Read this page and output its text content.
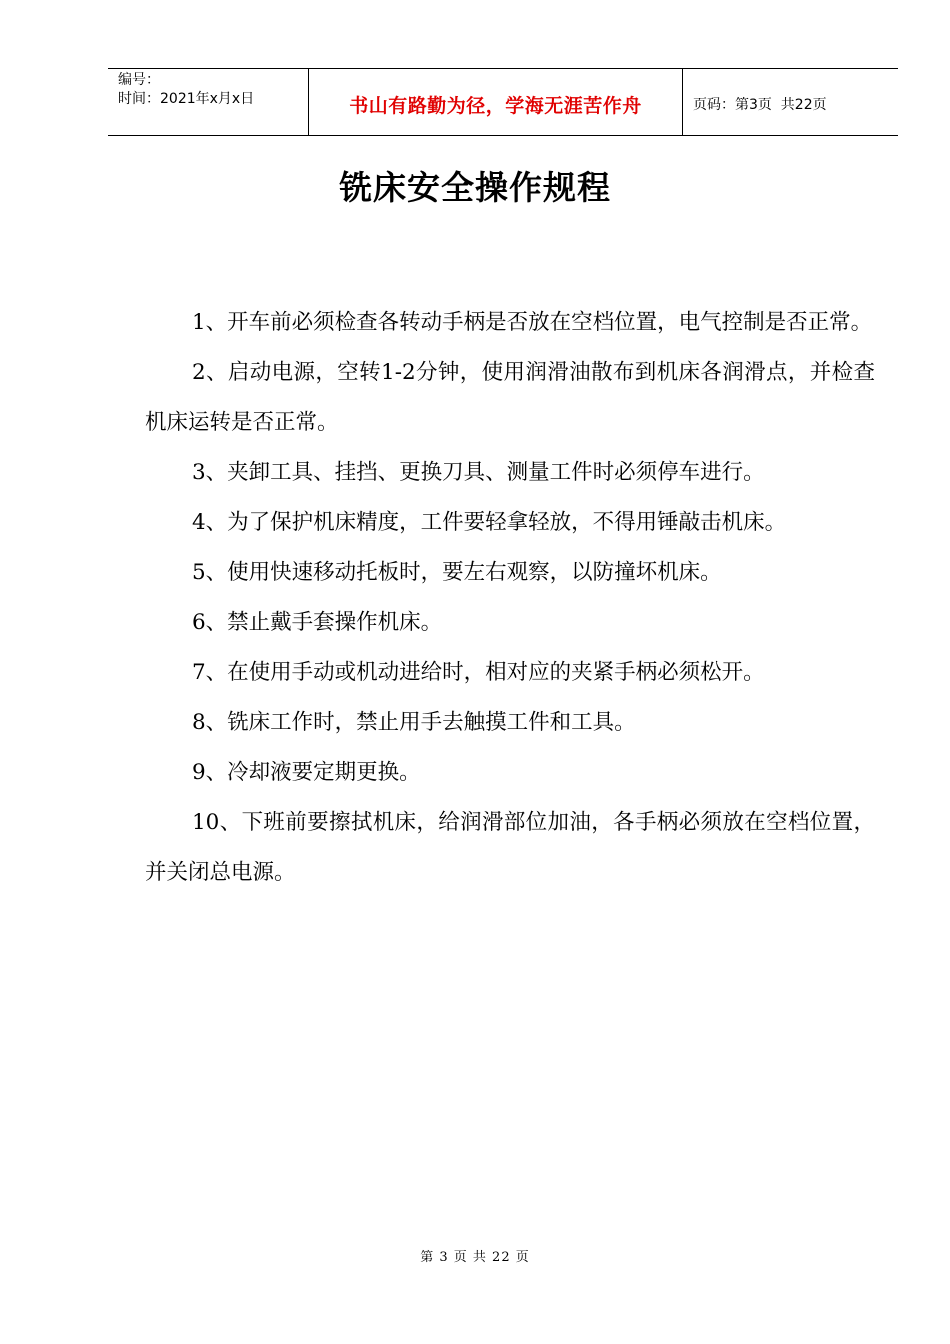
编号：
时间：2021年x月x日	书山有路勤为径，学海无涯苦作舟	页码：第3页  共22页
铣床安全操作规程

1、开车前必须检查各转动手柄是否放在空档位置，电气控制是否正常。

2、启动电源，空转1-2分钟，使用润滑油散布到机床各润滑点，并检查机床运转是否正常。

3、夹卸工具、挂挡、更换刀具、测量工件时必须停车进行。

4、为了保护机床精度，工件要轻拿轻放，不得用锤敲击机床。

5、使用快速移动托板时，要左右观察，以防撞坏机床。

6、禁止戴手套操作机床。

7、在使用手动或机动进给时，相对应的夹紧手柄必须松开。

8、铣床工作时，禁止用手去触摸工件和工具。

9、冷却液要定期更换。

10、下班前要擦拭机床，给润滑部位加油，各手柄必须放在空档位置，并关闭总电源。

第 3 页 共 22 页
